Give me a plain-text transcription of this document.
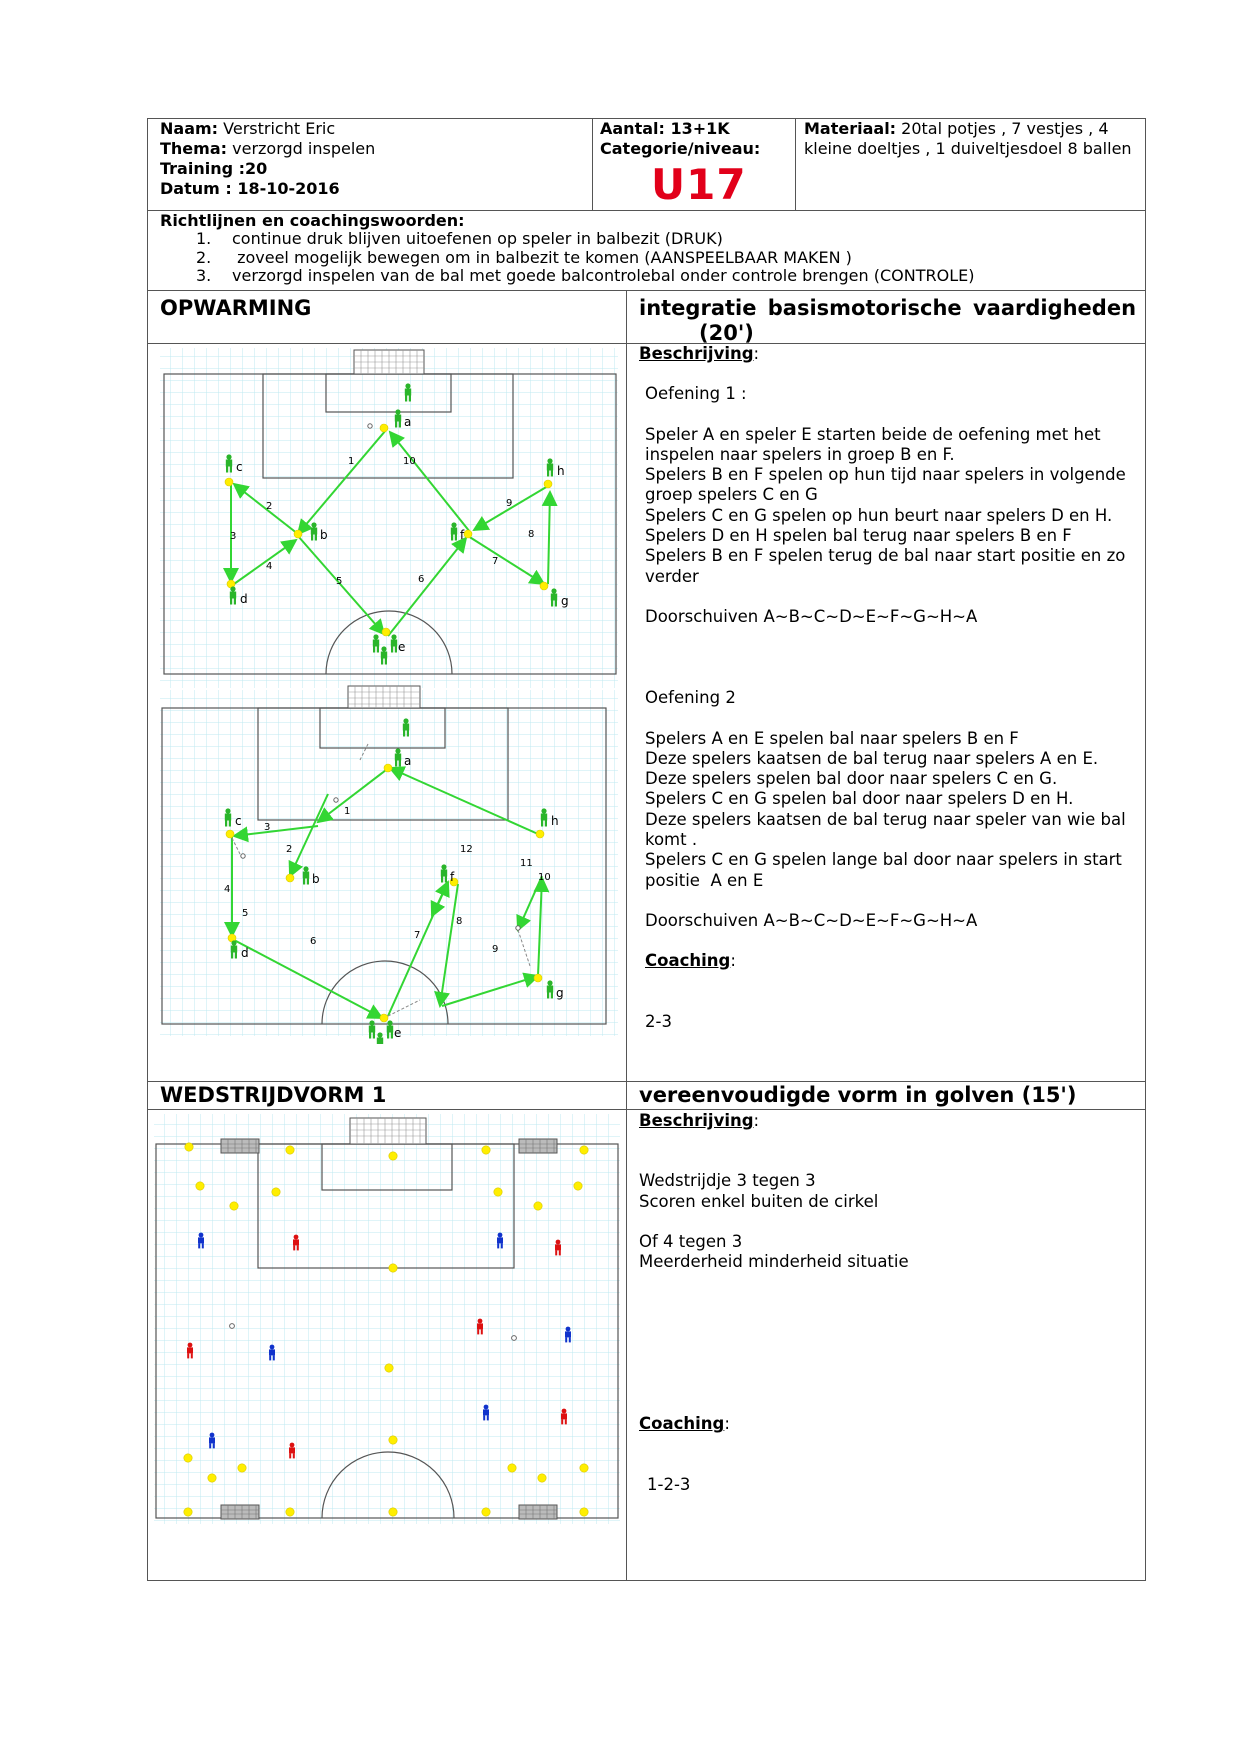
Naam: Verstricht Eric
Thema: verzorgd inspelen
Training :20
Datum : 18-10-2016
Aantal: 13+1K
Categorie/niveau:
U17
Materiaal: 20tal potjes , 7 vestjes , 4 kleine doeltjes , 1 duiveltjesdoel 8 ballen
Richtlijnen en coachingswoorden:
1. continue druk blijven uitoefenen op speler in balbezit (DRUK)
2. zoveel mogelijk bewegen om in balbezit te komen (AANSPEELBAAR MAKEN )
3. verzorgd inspelen van de bal met goede balcontrolebal onder controle brengen (CONTROLE)
OPWARMING	integratie basismotorische vaardigheden
(20')
1	10
2
3
4
5	6
7
8
9
a
b
c
d
e
f
g
h
3
1
2
4
5
6
7
8
9
10
11
12
a
b
c
d
e
f
g
h
Beschrijving:
Oefening 1 :
Speler A en speler E starten beide de oefening met het
inspelen naar spelers in groep B en F.
Spelers B en F spelen op hun tijd naar spelers in volgende
groep spelers C en G
Spelers C en G spelen op hun beurt naar spelers D en H.
Spelers D en H spelen bal terug naar spelers B en F
Spelers B en F spelen terug de bal naar start positie en zo
verder
Doorschuiven A~B~C~D~E~F~G~H~A
Oefening 2
Spelers A en E spelen bal naar spelers B en F
Deze spelers kaatsen de bal terug naar spelers A en E.
Deze spelers spelen bal door naar spelers C en G.
Spelers C en G spelen bal door naar spelers D en H.
Deze spelers kaatsen de bal terug naar speler van wie bal
komt .
Spelers C en G spelen lange bal door naar spelers in start
positie  A en E
Doorschuiven A~B~C~D~E~F~G~H~A
Coaching:
2-3
WEDSTRIJDVORM 1	vereenvoudigde vorm in golven (15')
Beschrijving:
Wedstrijdje 3 tegen 3
Scoren enkel buiten de cirkel
Of 4 tegen 3
Meerderheid minderheid situatie
Coaching:
1-2-3
